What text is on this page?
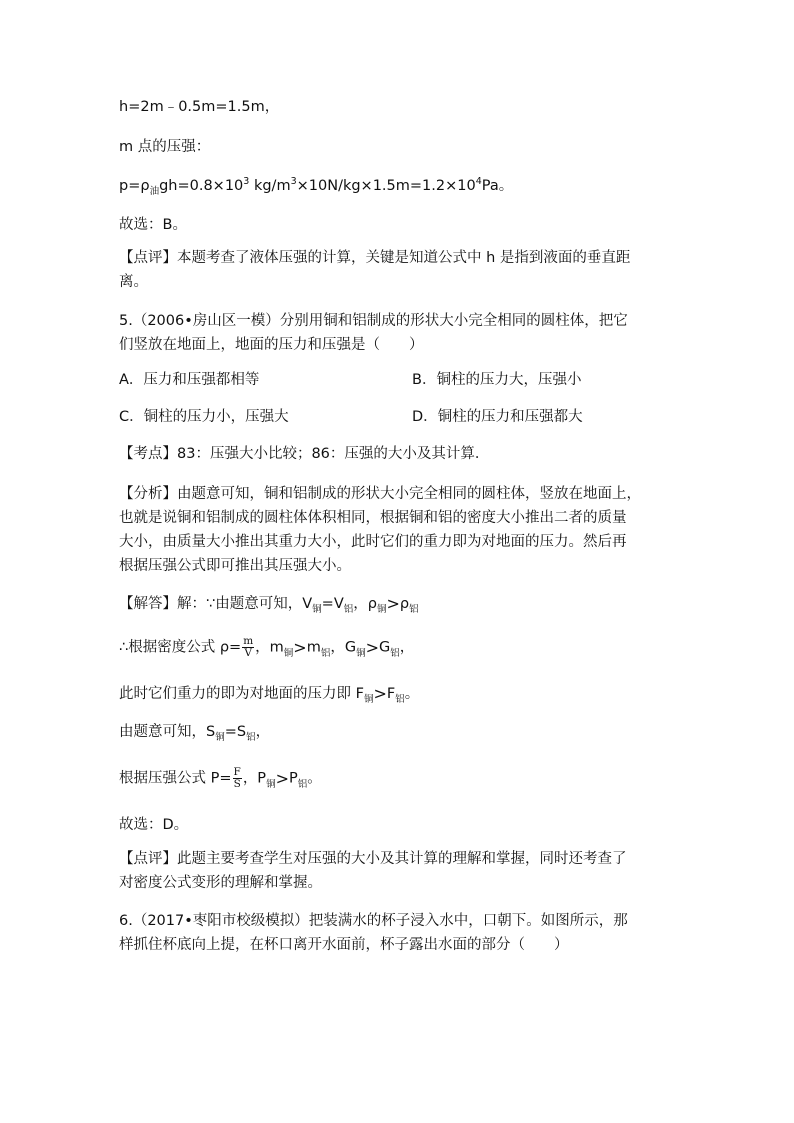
h=2m﹣0.5m=1.5m，
m 点的压强：
$p=\rho_油gh=0.8\times 10^3$ $kg/m^3\times 10N/kg\times 1.5m=1.2\times 10^4Pa$。
故选：B。
【点评】本题考查了液体压强的计算，关键是知道公式中 h 是指到液面的垂直距
离。
5.（2006•房山区一模）分别用铜和铝制成的形状大小完全相同的圆柱体，把它
们竖放在地面上，地面的压力和压强是（　　）
A．压力和压强都相等	B．铜柱的压力大，压强小
C．铜柱的压力小，压强大	D．铜柱的压力和压强都大
【考点】83：压强大小比较；86：压强的大小及其计算．
【分析】由题意可知，铜和铝制成的形状大小完全相同的圆柱体，竖放在地面上，
也就是说铜和铝制成的圆柱体体积相同，根据铜和铝的密度大小推出二者的质量
大小，由质量大小推出其重力大小，此时它们的重力即为对地面的压力。然后再
根据压强公式即可推出其压强大小。
【解答】解：∵由题意可知，$V_铜=V_铝$，$\rho_铜>\rho_铝$
∴根据密度公式 $\rho= \frac{m}{V}$ ，$m_铜>m_铝$，$G_铜>G_铝$，
此时它们重力的即为对地面的压力即 $F_铜>F_铝$。
由题意可知，$S_铜=S_铝$，
根据压强公式 $P= \frac{F}{S}$ ，$P_铜>P_铝$。
故选：D。
【点评】此题主要考查学生对压强的大小及其计算的理解和掌握，同时还考查了
对密度公式变形的理解和掌握。
6.（2017•枣阳市校级模拟）把装满水的杯子浸入水中，口朝下。如图所示，那
样抓住杯底向上提，在杯口离开水面前，杯子露出水面的部分（　　）
